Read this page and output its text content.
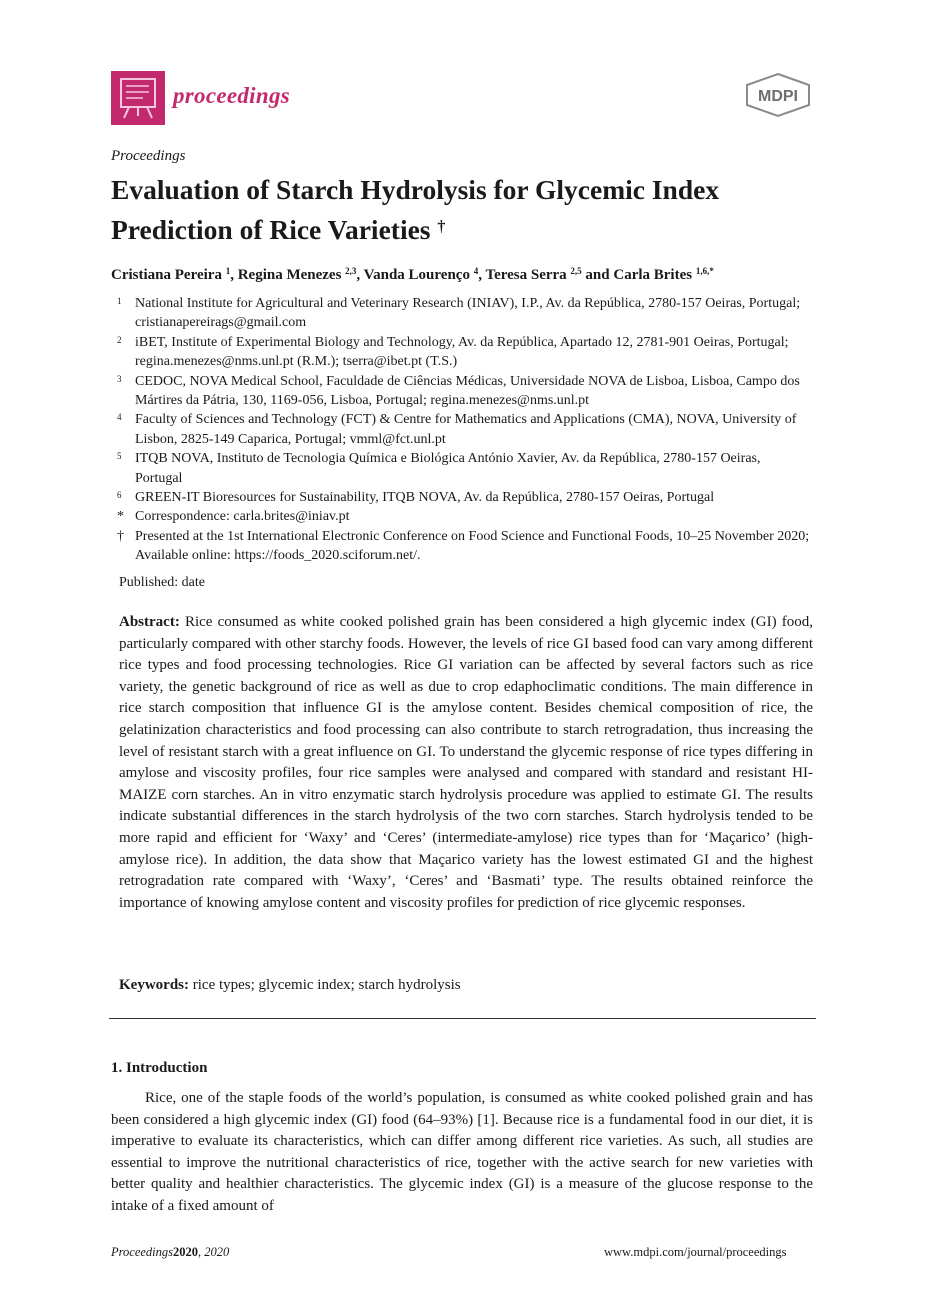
proceedings	MDPI
Proceedings
Evaluation of Starch Hydrolysis for Glycemic Index Prediction of Rice Varieties †
Cristiana Pereira $^1$, Regina Menezes $^{2,3}$, Vanda Lourenço $^4$, Teresa Serra $^{2,5}$ and Carla Brites $^{1,6,*}$
1 National Institute for Agricultural and Veterinary Research (INIAV), I.P., Av. da República, 2780-157 Oeiras, Portugal; cristianapereirags@gmail.com
2 iBET, Institute of Experimental Biology and Technology, Av. da República, Apartado 12, 2781-901 Oeiras, Portugal; regina.menezes@nms.unl.pt (R.M.); tserra@ibet.pt (T.S.)
3 CEDOC, NOVA Medical School, Faculdade de Ciências Médicas, Universidade NOVA de Lisboa, Lisboa, Campo dos Mártires da Pátria, 130, 1169-056, Lisboa, Portugal; regina.menezes@nms.unl.pt
4 Faculty of Sciences and Technology (FCT) & Centre for Mathematics and Applications (CMA), NOVA, University of Lisbon, 2825-149 Caparica, Portugal; vmml@fct.unl.pt
5 ITQB NOVA, Instituto de Tecnologia Química e Biológica António Xavier, Av. da República, 2780-157 Oeiras, Portugal
6 GREEN-IT Bioresources for Sustainability, ITQB NOVA, Av. da República, 2780-157 Oeiras, Portugal
* Correspondence: carla.brites@iniav.pt
† Presented at the 1st International Electronic Conference on Food Science and Functional Foods, 10–25 November 2020; Available online: https://foods_2020.sciforum.net/.
Published: date
Abstract: Rice consumed as white cooked polished grain has been considered a high glycemic index (GI) food, particularly compared with other starchy foods. However, the levels of rice GI based food can vary among different rice types and food processing technologies. Rice GI variation can be affected by several factors such as rice variety, the genetic background of rice as well as due to crop edaphoclimatic conditions. The main difference in rice starch composition that influence GI is the amylose content. Besides chemical composition of rice, the gelatinization characteristics and food processing can also contribute to starch retrogradation, thus increasing the level of resistant starch with a great influence on GI. To understand the glycemic response of rice types differing in amylose and viscosity profiles, four rice samples were analysed and compared with standard and resistant HI-MAIZE corn starches. An in vitro enzymatic starch hydrolysis procedure was applied to estimate GI. The results indicate substantial differences in the starch hydrolysis of the two corn starches. Starch hydrolysis tended to be more rapid and efficient for ‘Waxy’ and ‘Ceres’ (intermediate-amylose) rice types than for ‘Maçarico’ (high-amylose rice). In addition, the data show that Maçarico variety has the lowest estimated GI and the highest retrogradation rate compared with ‘Waxy’, ‘Ceres’ and ‘Basmati’ type. The results obtained reinforce the importance of knowing amylose content and viscosity profiles for prediction of rice glycemic responses.
Keywords: rice types; glycemic index; starch hydrolysis
1. Introduction
Rice, one of the staple foods of the world’s population, is consumed as white cooked polished grain and has been considered a high glycemic index (GI) food (64–93%) [1]. Because rice is a fundamental food in our diet, it is imperative to evaluate its characteristics, which can differ among different rice varieties. As such, all studies are essential to improve the nutritional characteristics of rice, together with the active search for new varieties with better quality and healthier characteristics. The glycemic index (GI) is a measure of the glucose response to the intake of a fixed amount of
Proceedings2020, 2020	www.mdpi.com/journal/proceedings
